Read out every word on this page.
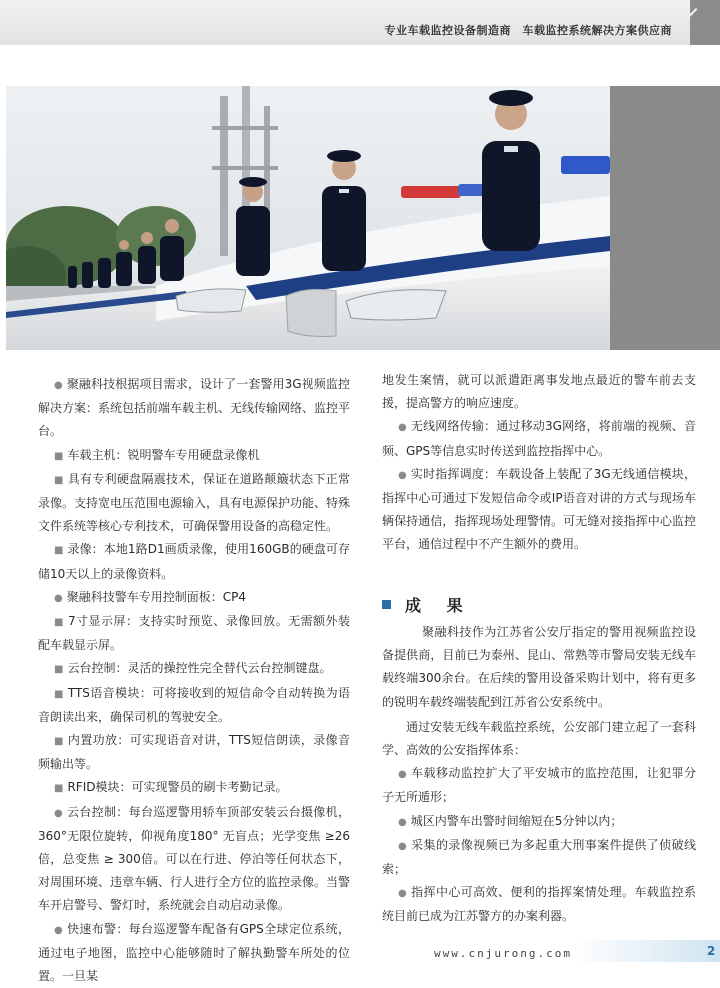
专业车载监控设备制造商　车载监控系统解决方案供应商

● 聚融科技根据项目需求，设计了一套警用3G视频监控解决方案：系统包括前端车载主机、无线传输网络、监控平台。

■ 车载主机：锐明警车专用硬盘录像机

■ 具有专利硬盘隔震技术，保证在道路颠簸状态下正常录像。支持宽电压范围电源输入，具有电源保护功能、特殊文件系统等核心专利技术，可确保警用设备的高稳定性。

■ 录像：本地1路D1画质录像，使用160GB的硬盘可存储10天以上的录像资料。

● 聚融科技警车专用控制面板：CP4

■ 7寸显示屏：支持实时预览、录像回放。无需额外装配车载显示屏。

■ 云台控制：灵活的操控性完全替代云台控制键盘。

■ TTS语音模块：可将接收到的短信命令自动转换为语音朗读出来，确保司机的驾驶安全。

■ 内置功放：可实现语音对讲，TTS短信朗读，录像音频输出等。

■ RFID模块：可实现警员的刷卡考勤记录。

● 云台控制：每台巡逻警用轿车顶部安装云台摄像机，360°无限位旋转，仰视角度180° 无盲点；光学变焦 ≥26倍，总变焦 ≥ 300倍。可以在行进、停泊等任何状态下，对周围环境、违章车辆、行人进行全方位的监控录像。当警车开启警号、警灯时，系统就会自动启动录像。

● 快速布警：每台巡逻警车配备有GPS全球定位系统，通过电子地图，监控中心能够随时了解执勤警车所处的位置。一旦某

地发生案情，就可以派遣距离事发地点最近的警车前去支援，提高警方的响应速度。

● 无线网络传输：通过移动3G网络，将前端的视频、音频、GPS等信息实时传送到监控指挥中心。

● 实时指挥调度：车载设备上装配了3G无线通信模块，指挥中心可通过下发短信命令或IP语音对讲的方式与现场车辆保持通信，指挥现场处理警情。可无缝对接指挥中心监控平台，通信过程中不产生额外的费用。

成 果

聚融科技作为江苏省公安厅指定的警用视频监控设备提供商，目前已为泰州、昆山、常熟等市警局安装无线车载终端300余台。在后续的警用设备采购计划中，将有更多的锐明车载终端装配到江苏省公安系统中。

通过安装无线车载监控系统，公安部门建立起了一套科学、高效的公安指挥体系：

● 车载移动监控扩大了平安城市的监控范围，让犯罪分子无所遁形；

● 城区内警车出警时间缩短在5分钟以内；

● 采集的录像视频已为多起重大刑事案件提供了侦破线索；

● 指挥中心可高效、便利的指挥案情处理。车载监控系统目前已成为江苏警方的办案利器。

www.cnjurong.com	2
